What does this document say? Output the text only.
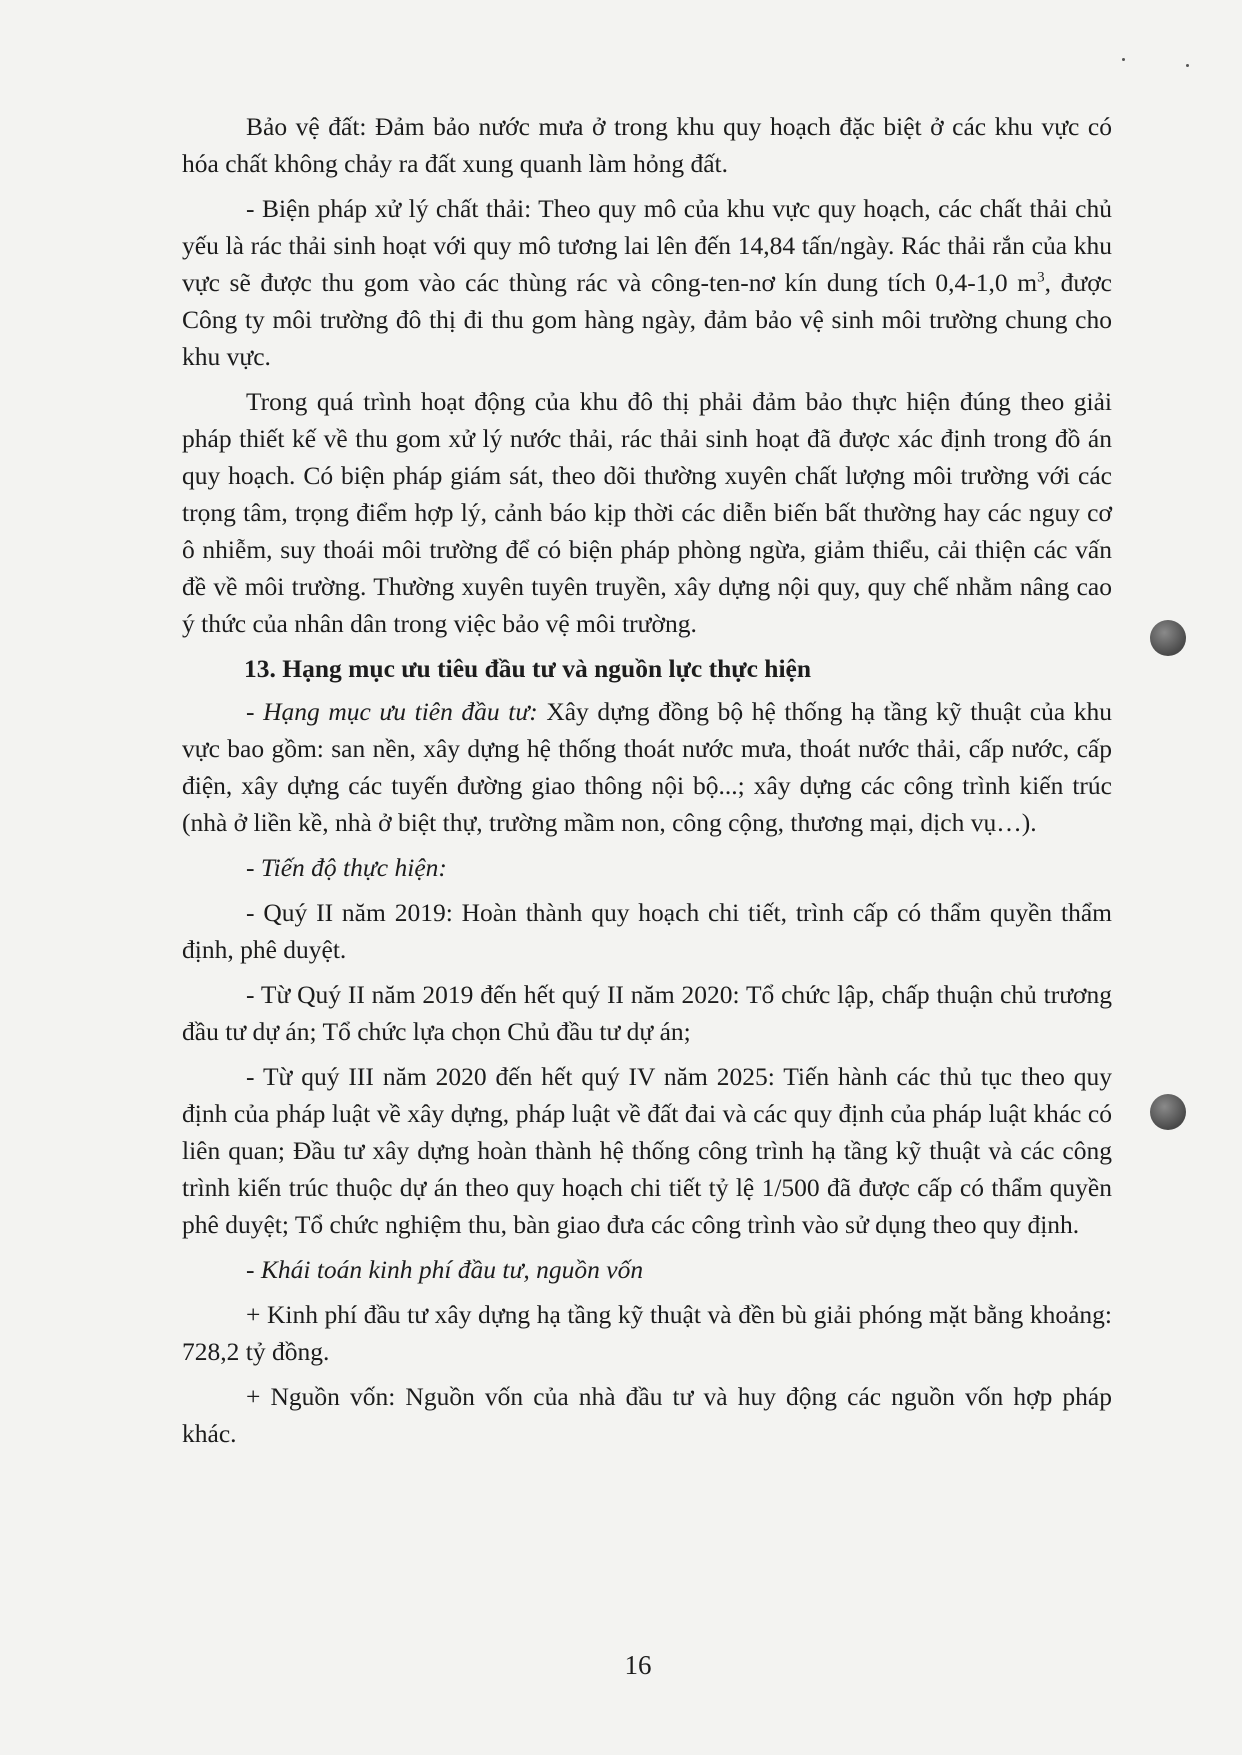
Bảo vệ đất: Đảm bảo nước mưa ở trong khu quy hoạch đặc biệt ở các khu vực có hóa chất không chảy ra đất xung quanh làm hỏng đất.

- Biện pháp xử lý chất thải: Theo quy mô của khu vực quy hoạch, các chất thải chủ yếu là rác thải sinh hoạt với quy mô tương lai lên đến 14,84 tấn/ngày. Rác thải rắn của khu vực sẽ được thu gom vào các thùng rác và công-ten-nơ kín dung tích 0,4-1,0 $m^3$, được Công ty môi trường đô thị đi thu gom hàng ngày, đảm bảo vệ sinh môi trường chung cho khu vực.

Trong quá trình hoạt động của khu đô thị phải đảm bảo thực hiện đúng theo giải pháp thiết kế về thu gom xử lý nước thải, rác thải sinh hoạt đã được xác định trong đồ án quy hoạch. Có biện pháp giám sát, theo dõi thường xuyên chất lượng môi trường với các trọng tâm, trọng điểm hợp lý, cảnh báo kịp thời các diễn biến bất thường hay các nguy cơ ô nhiễm, suy thoái môi trường để có biện pháp phòng ngừa, giảm thiểu, cải thiện các vấn đề về môi trường. Thường xuyên tuyên truyền, xây dựng nội quy, quy chế nhằm nâng cao ý thức của nhân dân trong việc bảo vệ môi trường.

13. Hạng mục ưu tiêu đầu tư và nguồn lực thực hiện

- Hạng mục ưu tiên đầu tư: Xây dựng đồng bộ hệ thống hạ tầng kỹ thuật của khu vực bao gồm: san nền, xây dựng hệ thống thoát nước mưa, thoát nước thải, cấp nước, cấp điện, xây dựng các tuyến đường giao thông nội bộ...; xây dựng các công trình kiến trúc (nhà ở liền kề, nhà ở biệt thự, trường mầm non, công cộng, thương mại, dịch vụ…).

- Tiến độ thực hiện:

- Quý II năm 2019: Hoàn thành quy hoạch chi tiết, trình cấp có thẩm quyền thẩm định, phê duyệt.

- Từ Quý II năm 2019 đến hết quý II năm 2020: Tổ chức lập, chấp thuận chủ trương đầu tư dự án; Tổ chức lựa chọn Chủ đầu tư dự án;

- Từ quý III năm 2020 đến hết quý IV năm 2025: Tiến hành các thủ tục theo quy định của pháp luật về xây dựng, pháp luật về đất đai và các quy định của pháp luật khác có liên quan; Đầu tư xây dựng hoàn thành hệ thống công trình hạ tầng kỹ thuật và các công trình kiến trúc thuộc dự án theo quy hoạch chi tiết tỷ lệ 1/500 đã được cấp có thẩm quyền phê duyệt; Tổ chức nghiệm thu, bàn giao đưa các công trình vào sử dụng theo quy định.

- Khái toán kinh phí đầu tư, nguồn vốn

+ Kinh phí đầu tư xây dựng hạ tầng kỹ thuật và đền bù giải phóng mặt bằng khoảng: 728,2 tỷ đồng.

+ Nguồn vốn: Nguồn vốn của nhà đầu tư và huy động các nguồn vốn hợp pháp khác.

16
